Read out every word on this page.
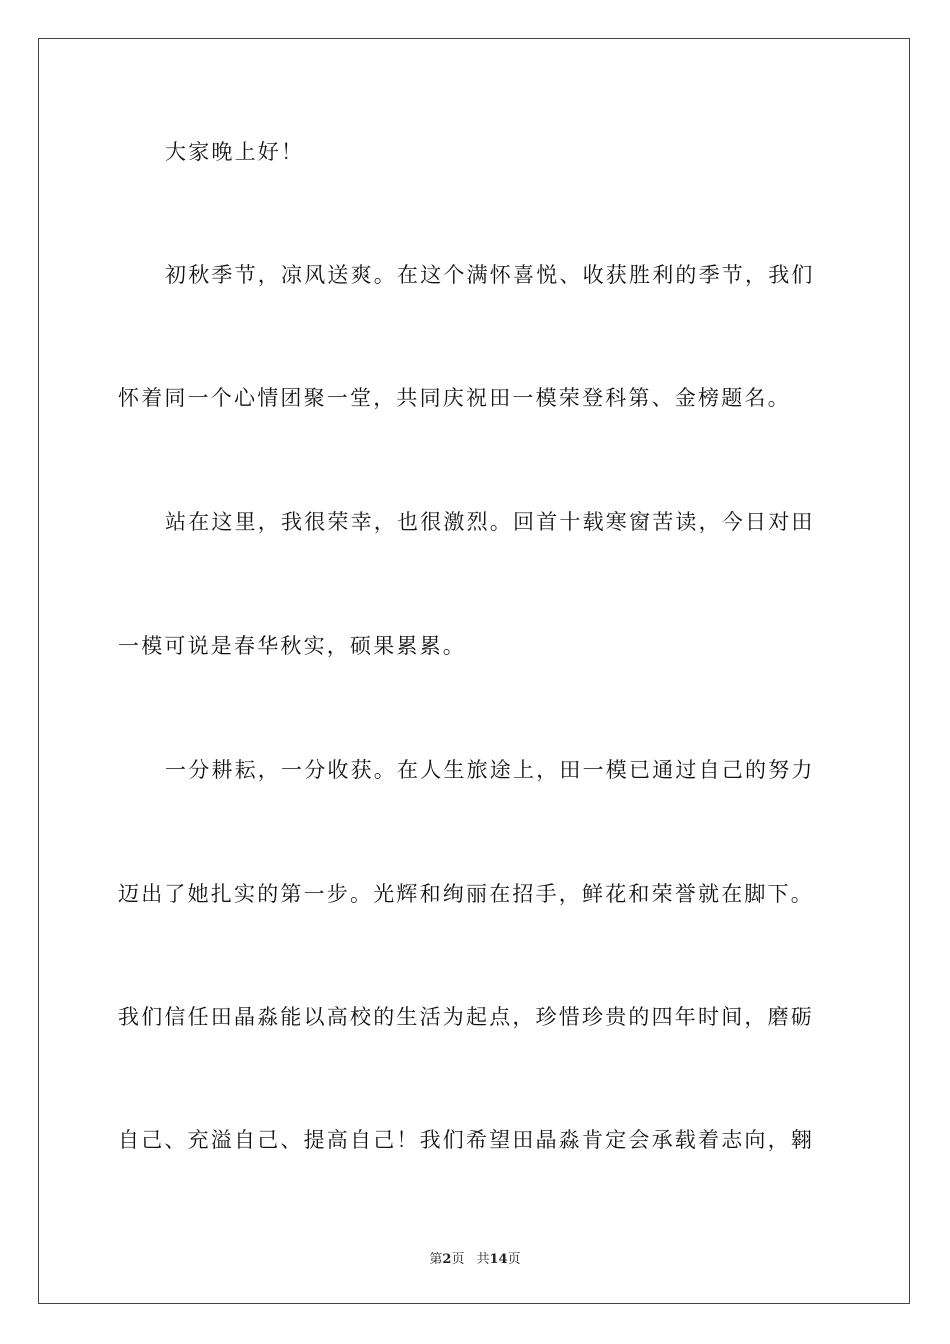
大家晚上好！
初秋季节，凉风送爽。在这个满怀喜悦、收获胜利的季节，我们
怀着同一个心情团聚一堂，共同庆祝田一模荣登科第、金榜题名。
站在这里，我很荣幸，也很激烈。回首十载寒窗苦读，今日对田
一模可说是春华秋实，硕果累累。
一分耕耘，一分收获。在人生旅途上，田一模已通过自己的努力
迈出了她扎实的第一步。光辉和绚丽在招手，鲜花和荣誉就在脚下。
我们信任田晶淼能以高校的生活为起点，珍惜珍贵的四年时间，磨砺
自己、充溢自己、提高自己！我们希望田晶淼肯定会承载着志向，翱
第2页 共14页
